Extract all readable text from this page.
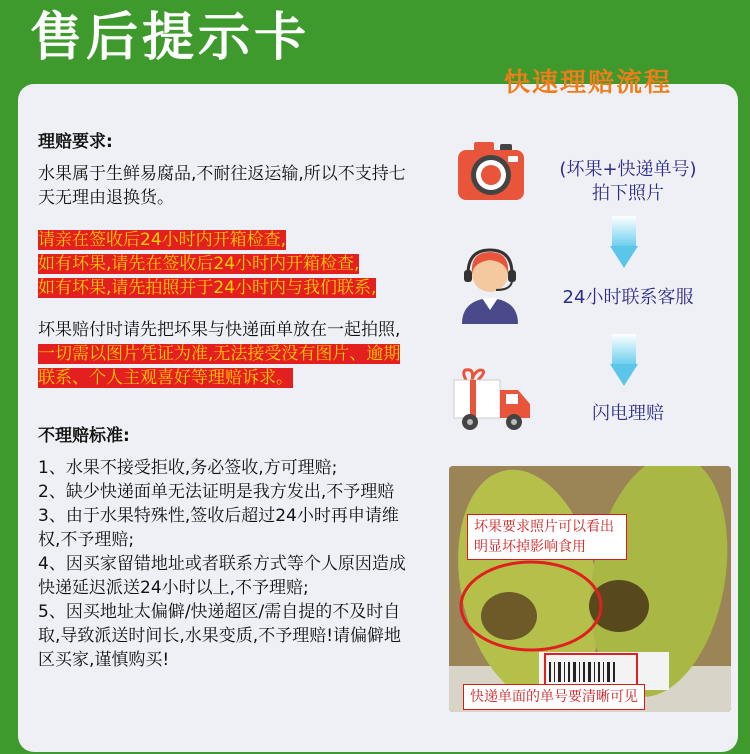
售后提示卡
理赔要求:
水果属于生鲜易腐品,不耐往返运输,所以不支持七天无理由退换货。
请亲在签收后24小时内开箱检查,
如有坏果,请先在签收后24小时内开箱检查,
如有坏果,请先拍照并于24小时内与我们联系,
坏果赔付时请先把坏果与快递面单放在一起拍照,一切需以图片凭证为准,无法接受没有图片、逾期联系、个人主观喜好等理赔诉求。
不理赔标准:
1、水果不接受拒收,务必签收,方可理赔;
2、缺少快递面单无法证明是我方发出,不予理赔
3、由于水果特殊性,签收后超过24小时再申请维权,不予理赔;
4、因买家留错地址或者联系方式等个人原因造成快递延迟派送24小时以上,不予理赔;
5、因买地址太偏僻/快递超区/需自提的不及时自取,导致派送时间长,水果变质,不予理赔!请偏僻地区买家,谨慎购买!
快速理赔流程
(坏果+快递单号)
拍下照片
24小时联系客服
闪电理赔
坏果要求照片可以看出明显坏掉影响食用
快递单面的单号要清晰可见
